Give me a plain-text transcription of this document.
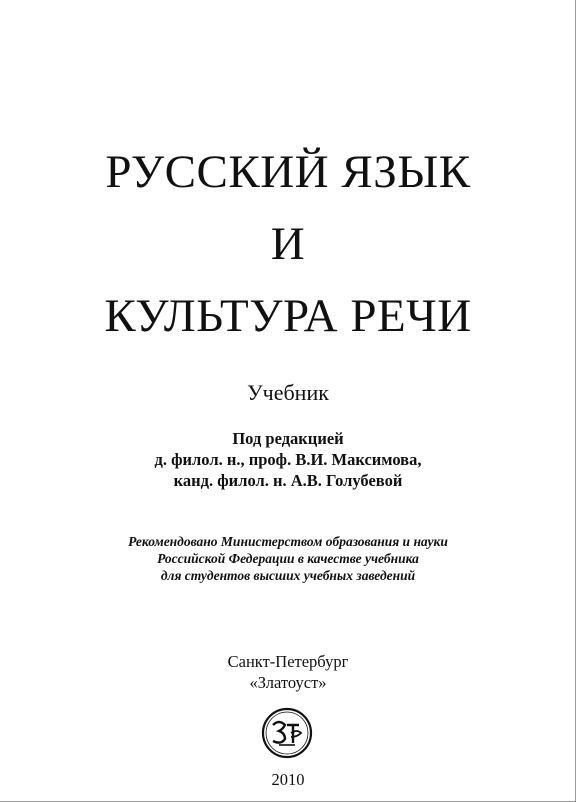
РУССКИЙ ЯЗЫК
И
КУЛЬТУРА РЕЧИ
Учебник
Под редакцией
д. филол. н., проф. В.И. Максимова,
канд. филол. н. А.В. Голубевой
Рекомендовано Министерством образования и науки
Российской Федерации в качестве учебника
для студентов высших учебных заведений
Санкт-Петербург
«Златоуст»
2010
